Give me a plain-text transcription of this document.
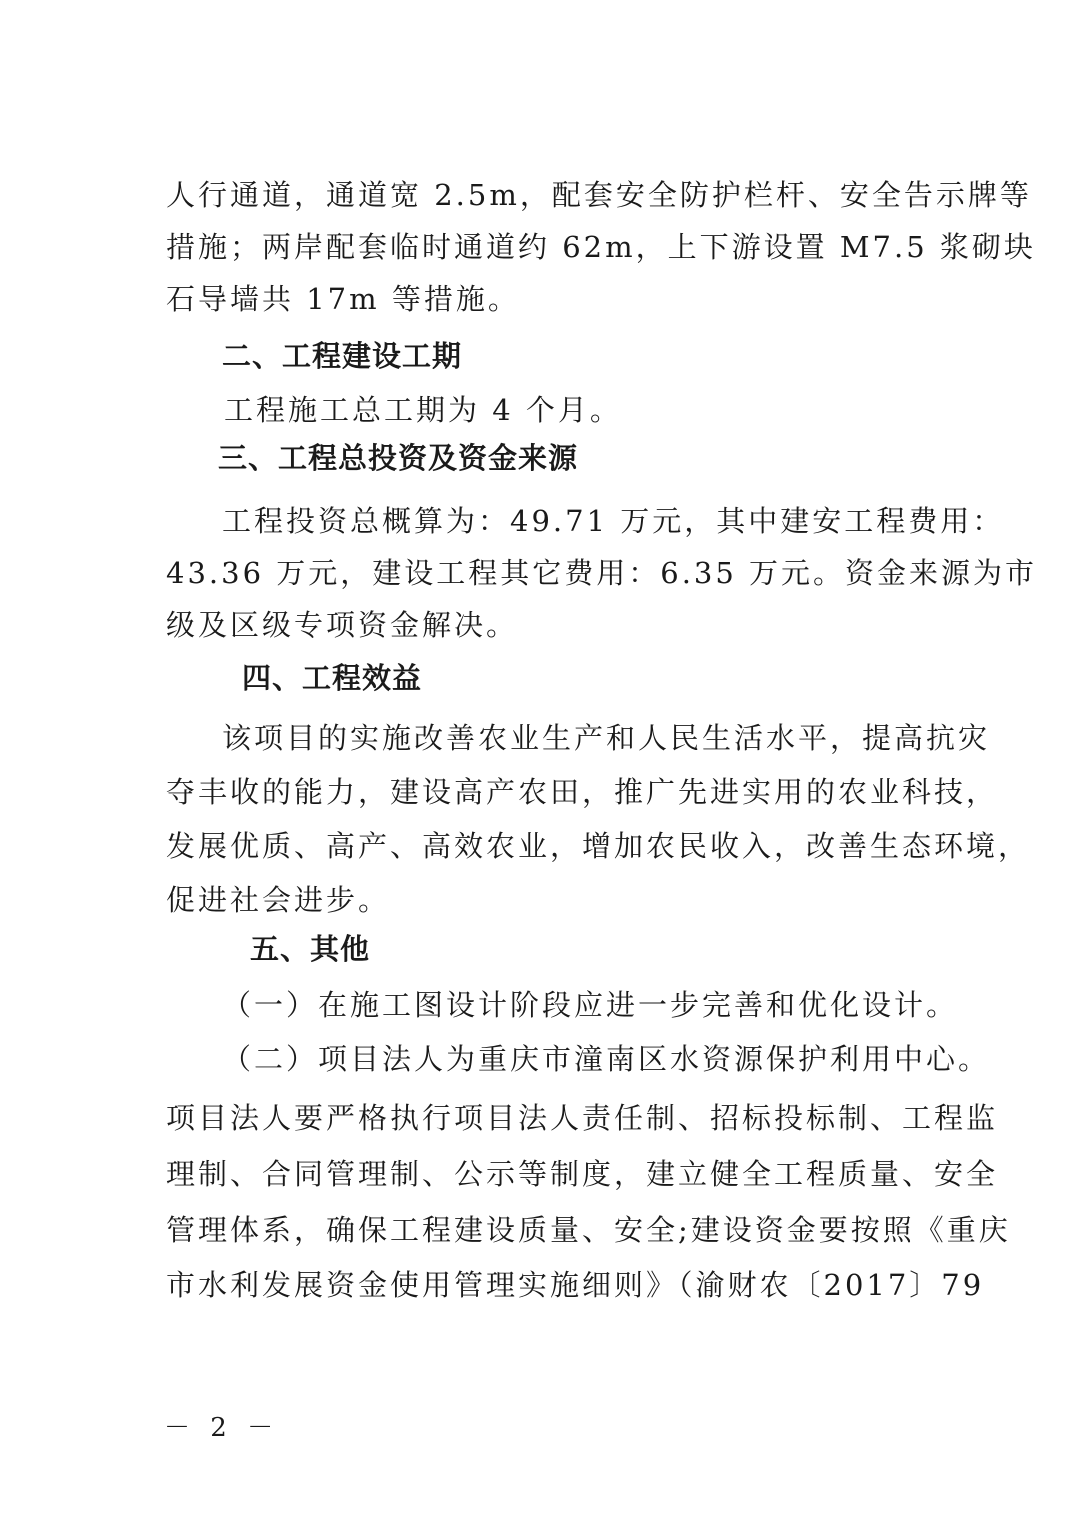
人行通道，通道宽 2.5m，配套安全防护栏杆、安全告示牌等
措施；两岸配套临时通道约 62m，上下游设置 M7.5 浆砌块
石导墙共 17m 等措施。
二、工程建设工期
工程施工总工期为 4 个月。
三、工程总投资及资金来源
工程投资总概算为：49.71 万元，其中建安工程费用：
43.36 万元，建设工程其它费用：6.35 万元。资金来源为市
级及区级专项资金解决。
四、工程效益
该项目的实施改善农业生产和人民生活水平，提高抗灾
夺丰收的能力，建设高产农田，推广先进实用的农业科技，
发展优质、高产、高效农业，增加农民收入，改善生态环境，
促进社会进步。
五、其他
（一）在施工图设计阶段应进一步完善和优化设计。
（二）项目法人为重庆市潼南区水资源保护利用中心。
项目法人要严格执行项目法人责任制、招标投标制、工程监
理制、合同管理制、公示等制度，建立健全工程质量、安全
管理体系，确保工程建设质量、安全;建设资金要按照《重庆
市水利发展资金使用管理实施细则》（渝财农〔2017〕79
－ 2 －
